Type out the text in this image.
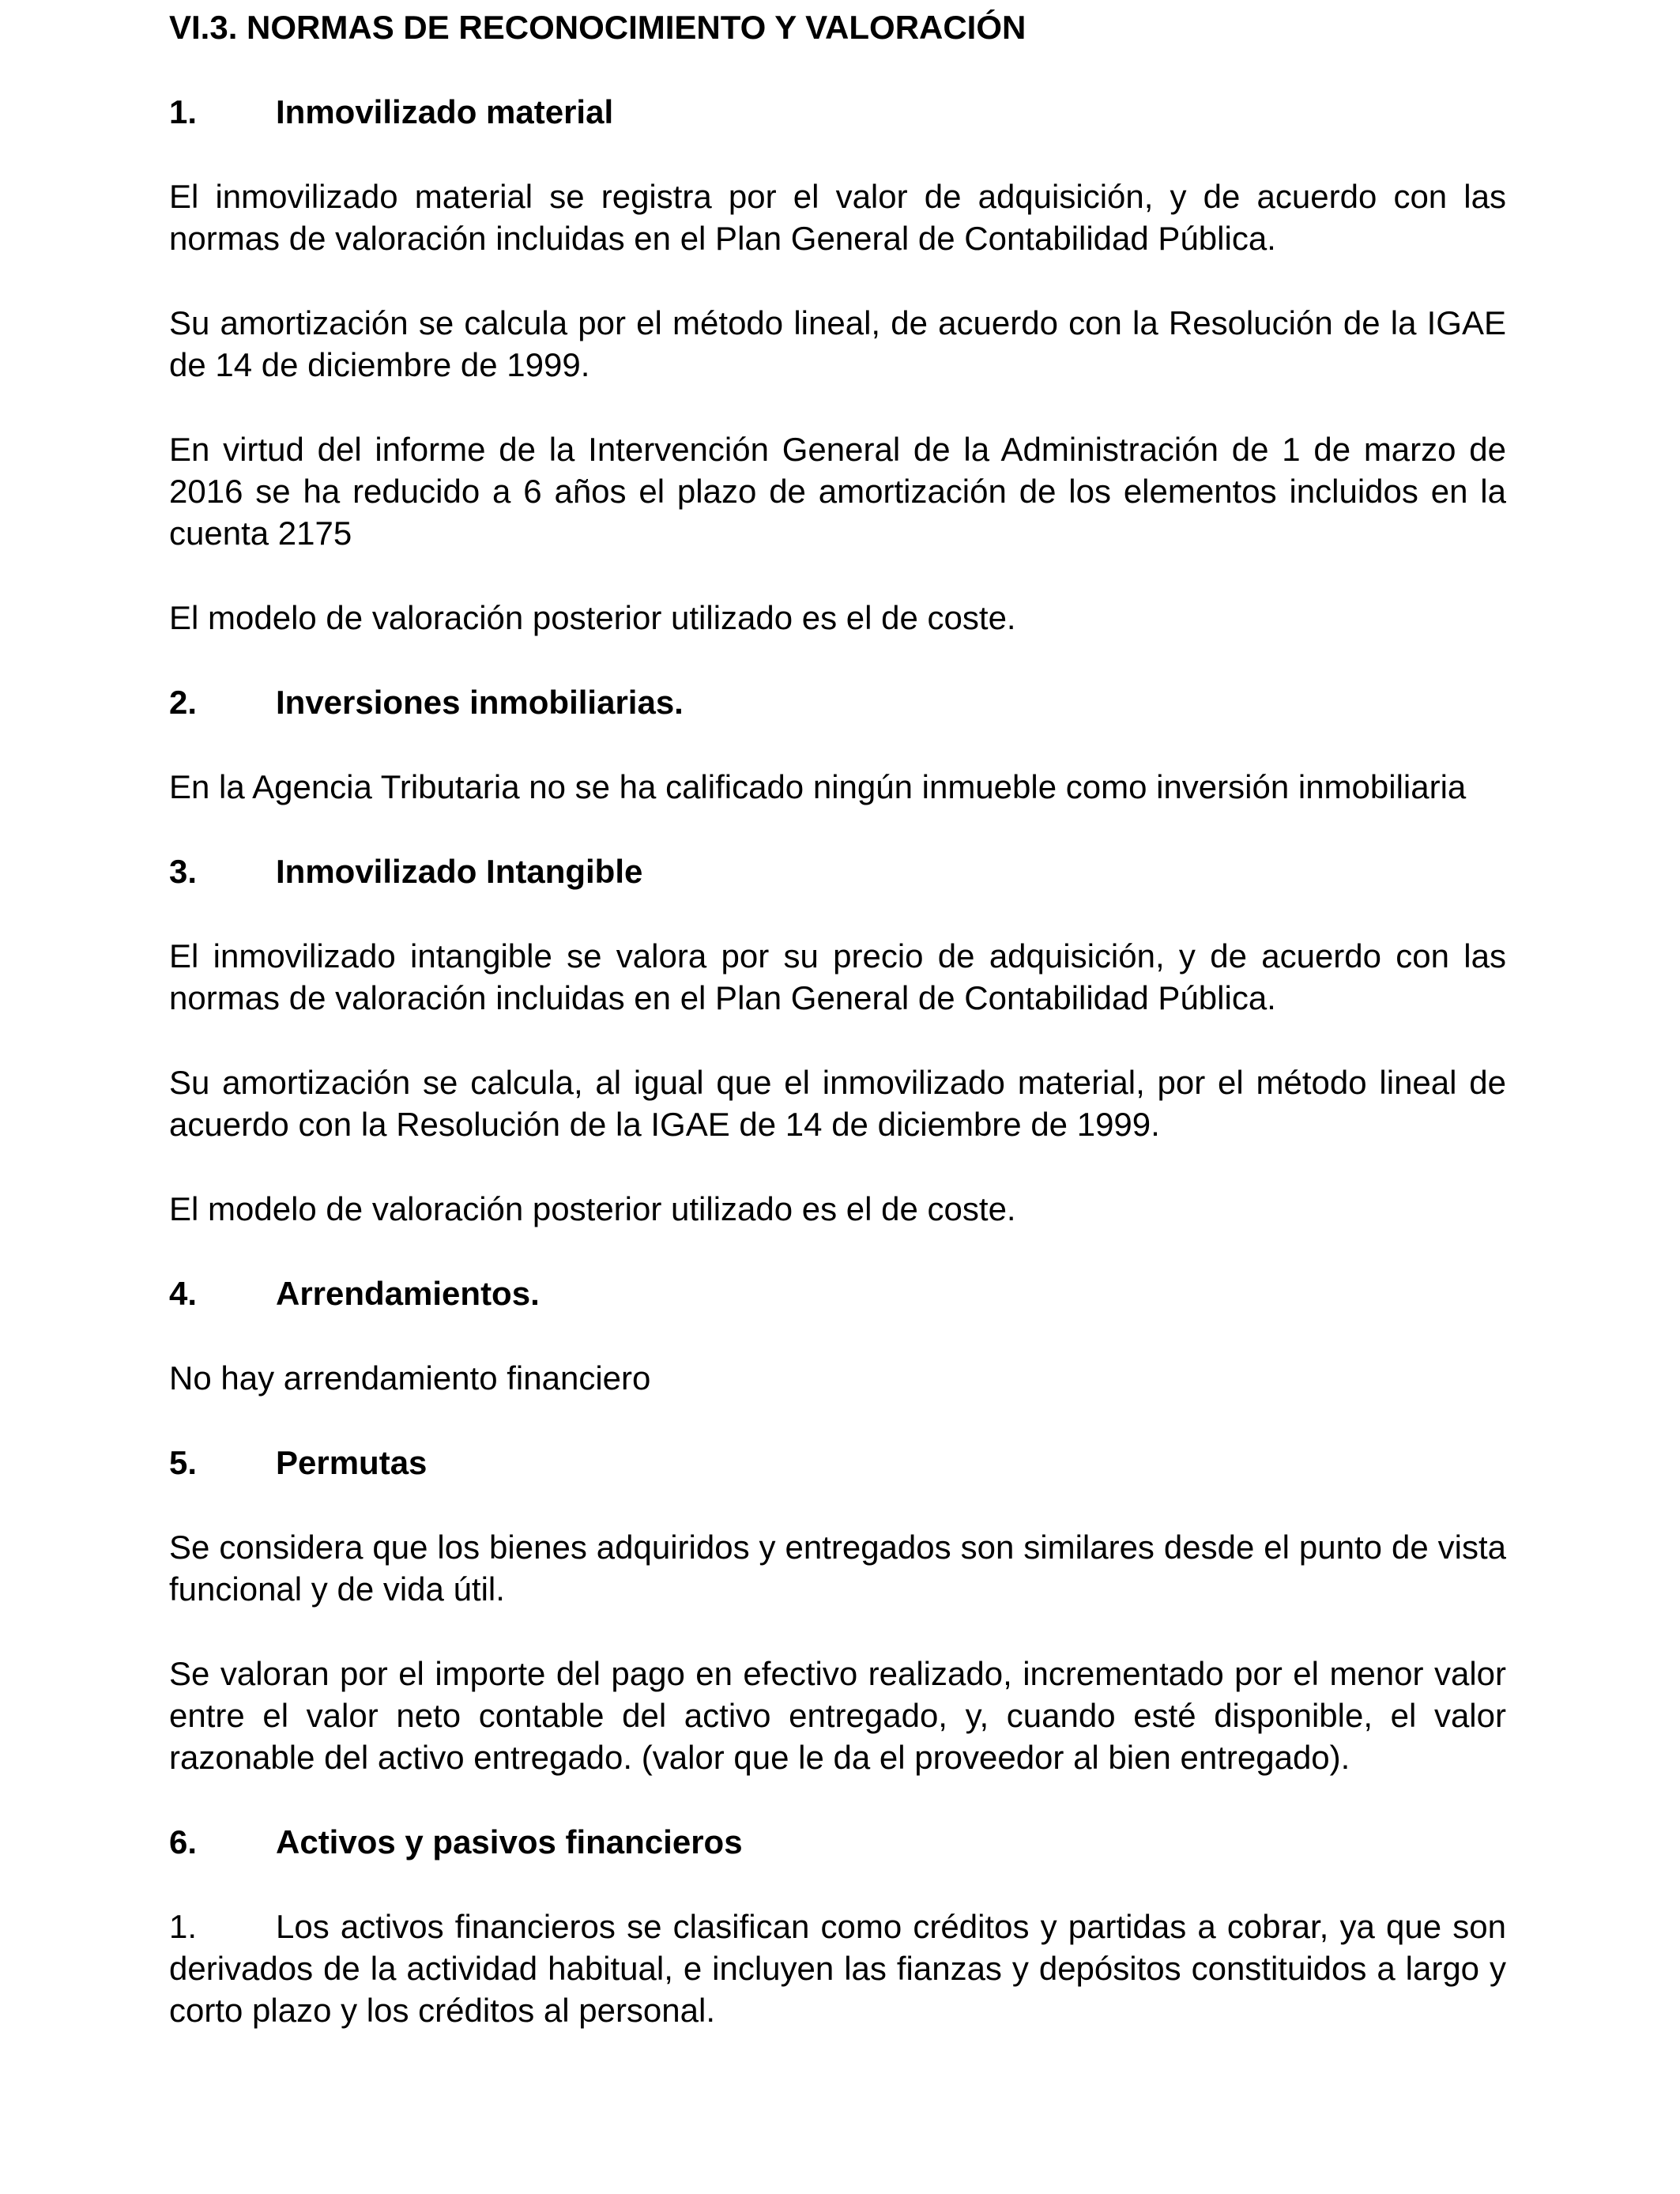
VI.3. NORMAS DE RECONOCIMIENTO Y VALORACIÓN
1.	Inmovilizado material

El inmovilizado material se registra por el valor de adquisición, y de acuerdo con las normas de valoración incluidas en el Plan General de Contabilidad Pública.

Su amortización se calcula por el método lineal, de acuerdo con la Resolución de la IGAE de 14 de diciembre de 1999.

En virtud del informe de la Intervención General de la Administración de 1 de marzo de 2016 se ha reducido a 6 años el plazo de amortización de los elementos incluidos en la cuenta 2175

El modelo de valoración posterior utilizado es el de coste.

2.	Inversiones inmobiliarias.

En la Agencia Tributaria no se ha calificado ningún inmueble como inversión inmobiliaria

3.	Inmovilizado Intangible

El inmovilizado intangible se valora por su precio de adquisición, y de acuerdo con las normas de valoración incluidas en el Plan General de Contabilidad Pública.

Su amortización se calcula, al igual que el inmovilizado material, por el método lineal de acuerdo con la Resolución de la IGAE de 14 de diciembre de 1999.

El modelo de valoración posterior utilizado es el de coste.

4.	Arrendamientos.

No hay arrendamiento financiero

5.	Permutas

Se considera que los bienes adquiridos y entregados son similares desde el punto de vista funcional y de vida útil.

Se valoran por el importe del pago en efectivo realizado, incrementado por el menor valor entre el valor neto contable del activo entregado, y, cuando esté disponible, el valor razonable del activo entregado. (valor que le da el proveedor al bien entregado).

6.	Activos y pasivos financieros

1. Los activos financieros se clasifican como créditos y partidas a cobrar, ya que son derivados de la actividad habitual, e incluyen las fianzas y depósitos constituidos a largo y corto plazo y los créditos al personal.
